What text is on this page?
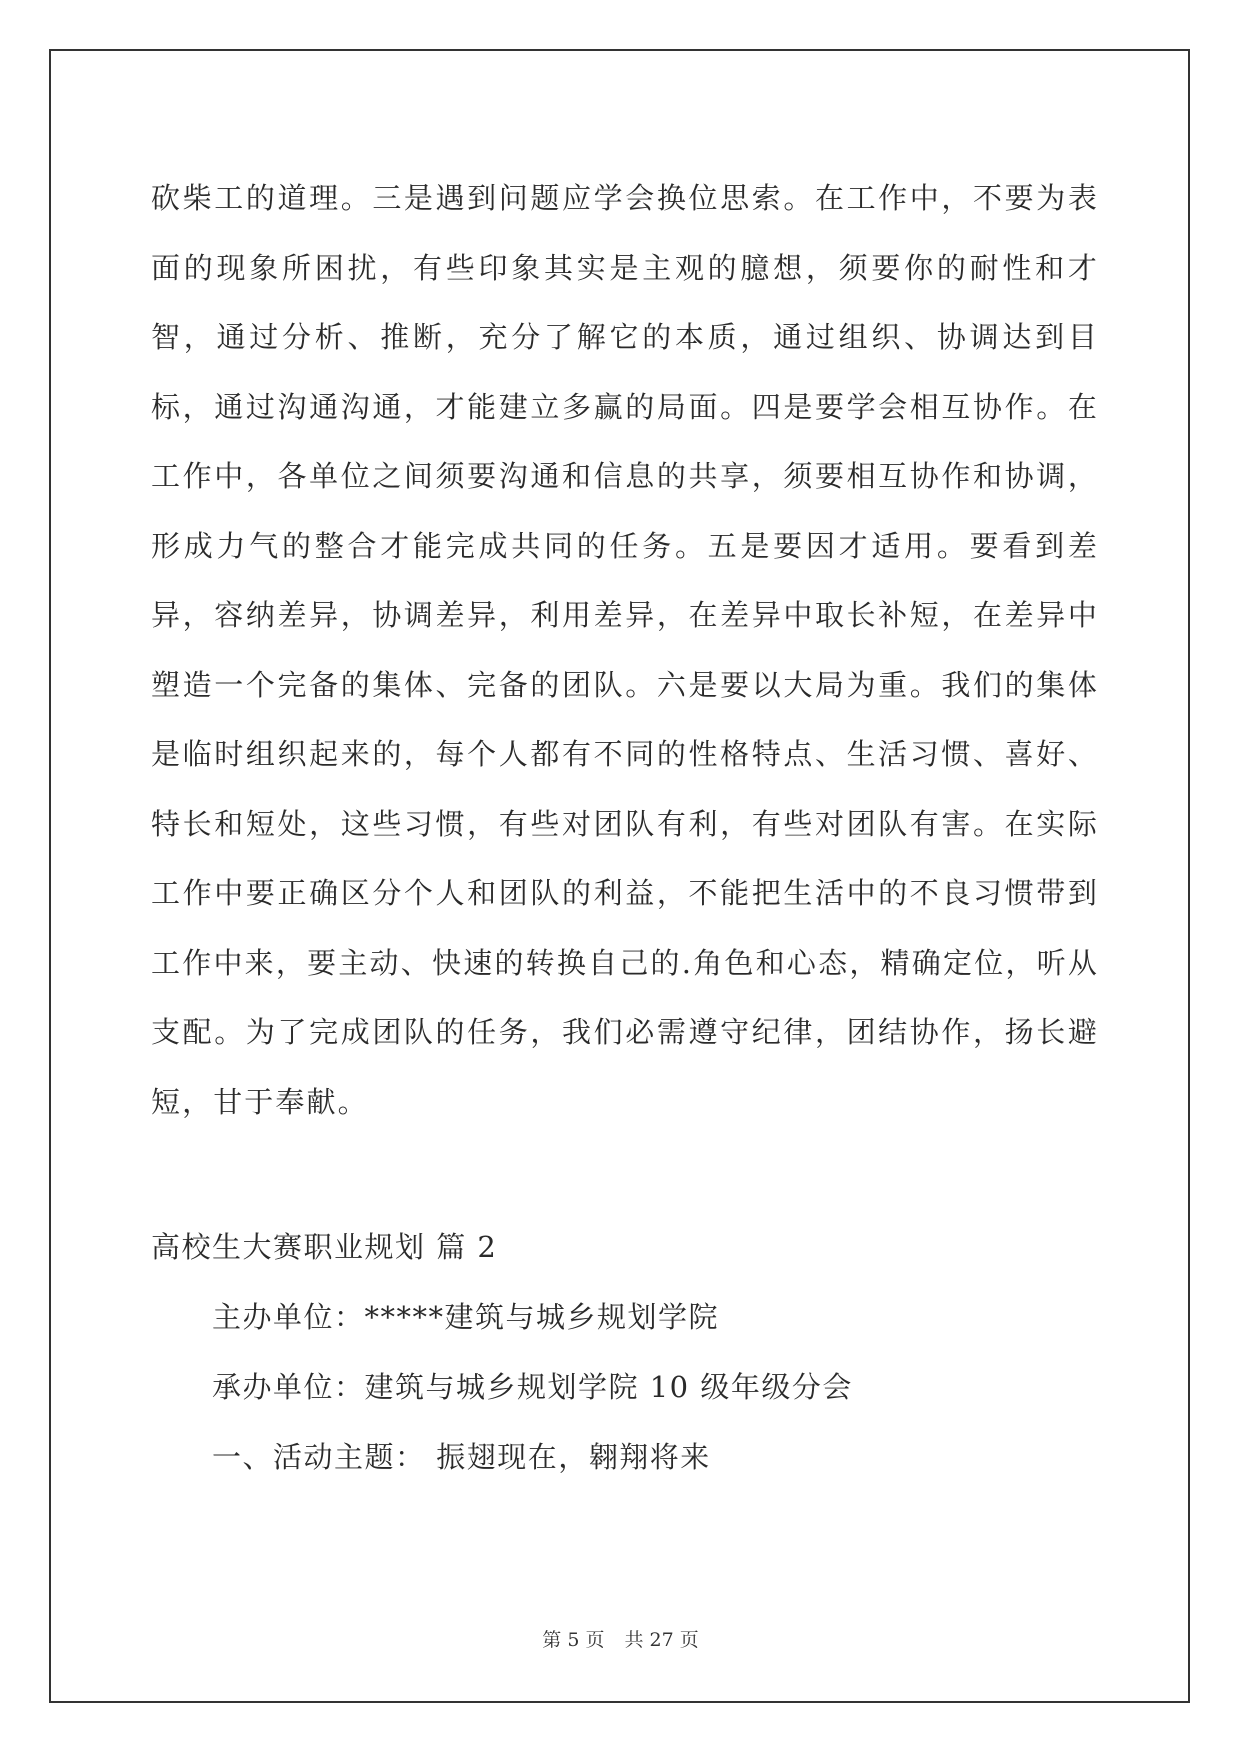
砍柴工的道理。三是遇到问题应学会换位思索。在工作中，不要为表面的现象所困扰，有些印象其实是主观的臆想，须要你的耐性和才智，通过分析、推断，充分了解它的本质，通过组织、协调达到目标，通过沟通沟通，才能建立多赢的局面。四是要学会相互协作。在工作中，各单位之间须要沟通和信息的共享，须要相互协作和协调，形成力气的整合才能完成共同的任务。五是要因才适用。要看到差异，容纳差异，协调差异，利用差异，在差异中取长补短，在差异中塑造一个完备的集体、完备的团队。六是要以大局为重。我们的集体是临时组织起来的，每个人都有不同的性格特点、生活习惯、喜好、特长和短处，这些习惯，有些对团队有利，有些对团队有害。在实际工作中要正确区分个人和团队的利益，不能把生活中的不良习惯带到工作中来，要主动、快速的转换自己的.角色和心态，精确定位，听从支配。为了完成团队的任务，我们必需遵守纪律，团结协作，扬长避短，甘于奉献。

高校生大赛职业规划 篇 2
主办单位：*****建筑与城乡规划学院
承办单位：建筑与城乡规划学院 10 级年级分会
一、活动主题： 振翅现在，翱翔将来
第 5 页 共 27 页
